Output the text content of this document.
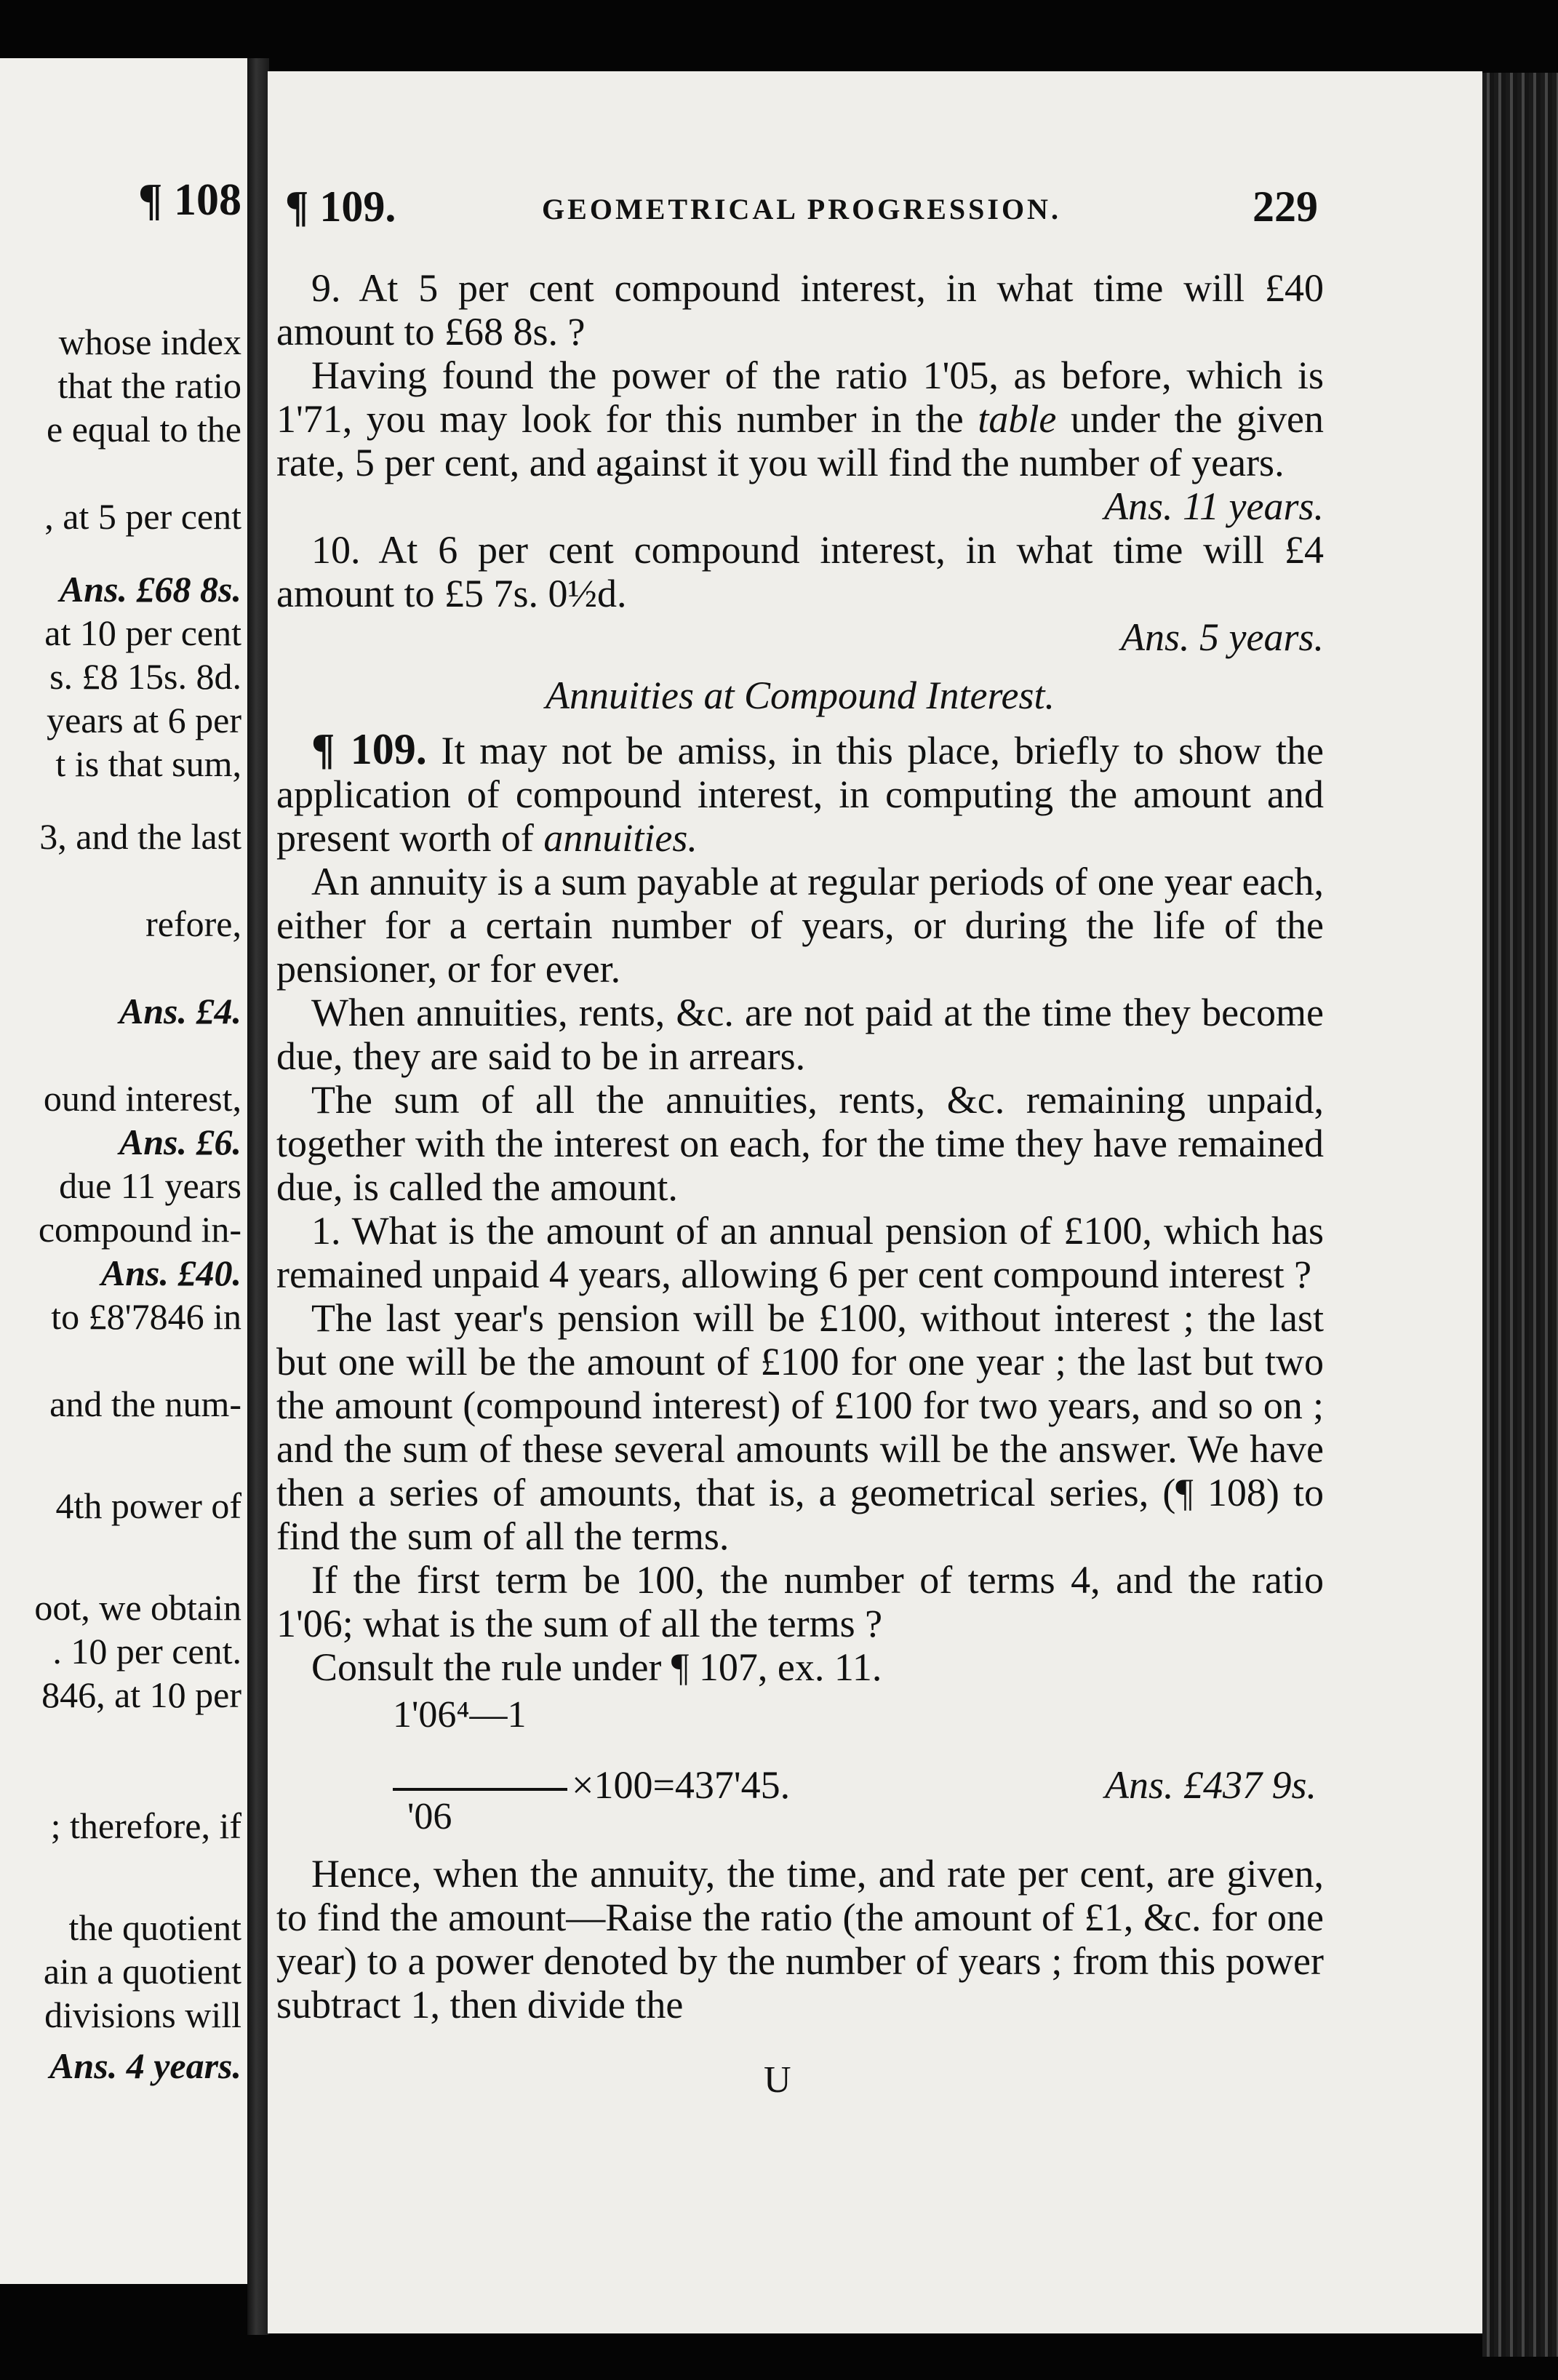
¶ 108
whose index
that the ratio
e equal to the
, at 5 per cent
Ans. £68 8s.
at 10 per cent
s. £8 15s. 8d.
years at 6 per
t is that sum,
3, and the last
refore,
Ans. £4.
ound interest,
Ans. £6.
due 11 years
compound in-
Ans. £40.
to £8'7846 in
and the num-
4th power of
oot, we obtain
. 10 per cent.
846, at 10 per
; therefore, if
the quotient
ain a quotient
divisions will
Ans. 4 years.
¶ 109.	GEOMETRICAL PROGRESSION.	229

9. At 5 per cent compound interest, in what time will £40 amount to £68 8s. ?

Having found the power of the ratio 1'05, as before, which is 1'71, you may look for this number in the table under the given rate, 5 per cent, and against it you will find the number of years.
Ans. 11 years.

10. At 6 per cent compound interest, in what time will £4 amount to £5 7s. 0½d.
Ans. 5 years.

Annuities at Compound Interest.

¶ 109. It may not be amiss, in this place, briefly to show the application of compound interest, in computing the amount and present worth of annuities.

An annuity is a sum payable at regular periods of one year each, either for a certain number of years, or during the life of the pensioner, or for ever.

When annuities, rents, &c. are not paid at the time they become due, they are said to be in arrears.

The sum of all the annuities, rents, &c. remaining unpaid, together with the interest on each, for the time they have remained due, is called the amount.

1. What is the amount of an annual pension of £100, which has remained unpaid 4 years, allowing 6 per cent compound interest ?

The last year's pension will be £100, without interest ; the last but one will be the amount of £100 for one year ; the last but two the amount (compound interest) of £100 for two years, and so on ; and the sum of these several amounts will be the answer. We have then a series of amounts, that is, a geometrical series, (¶ 108) to find the sum of all the terms.

If the first term be 100, the number of terms 4, and the ratio 1'06; what is the sum of all the terms ?

Consult the rule under ¶ 107, ex. 11.

1'06⁴—1
×100=437'45.
'06
Ans. £437 9s.

Hence, when the annuity, the time, and rate per cent, are given, to find the amount—Raise the ratio (the amount of £1, &c. for one year) to a power denoted by the number of years ; from this power subtract 1, then divide the

U
